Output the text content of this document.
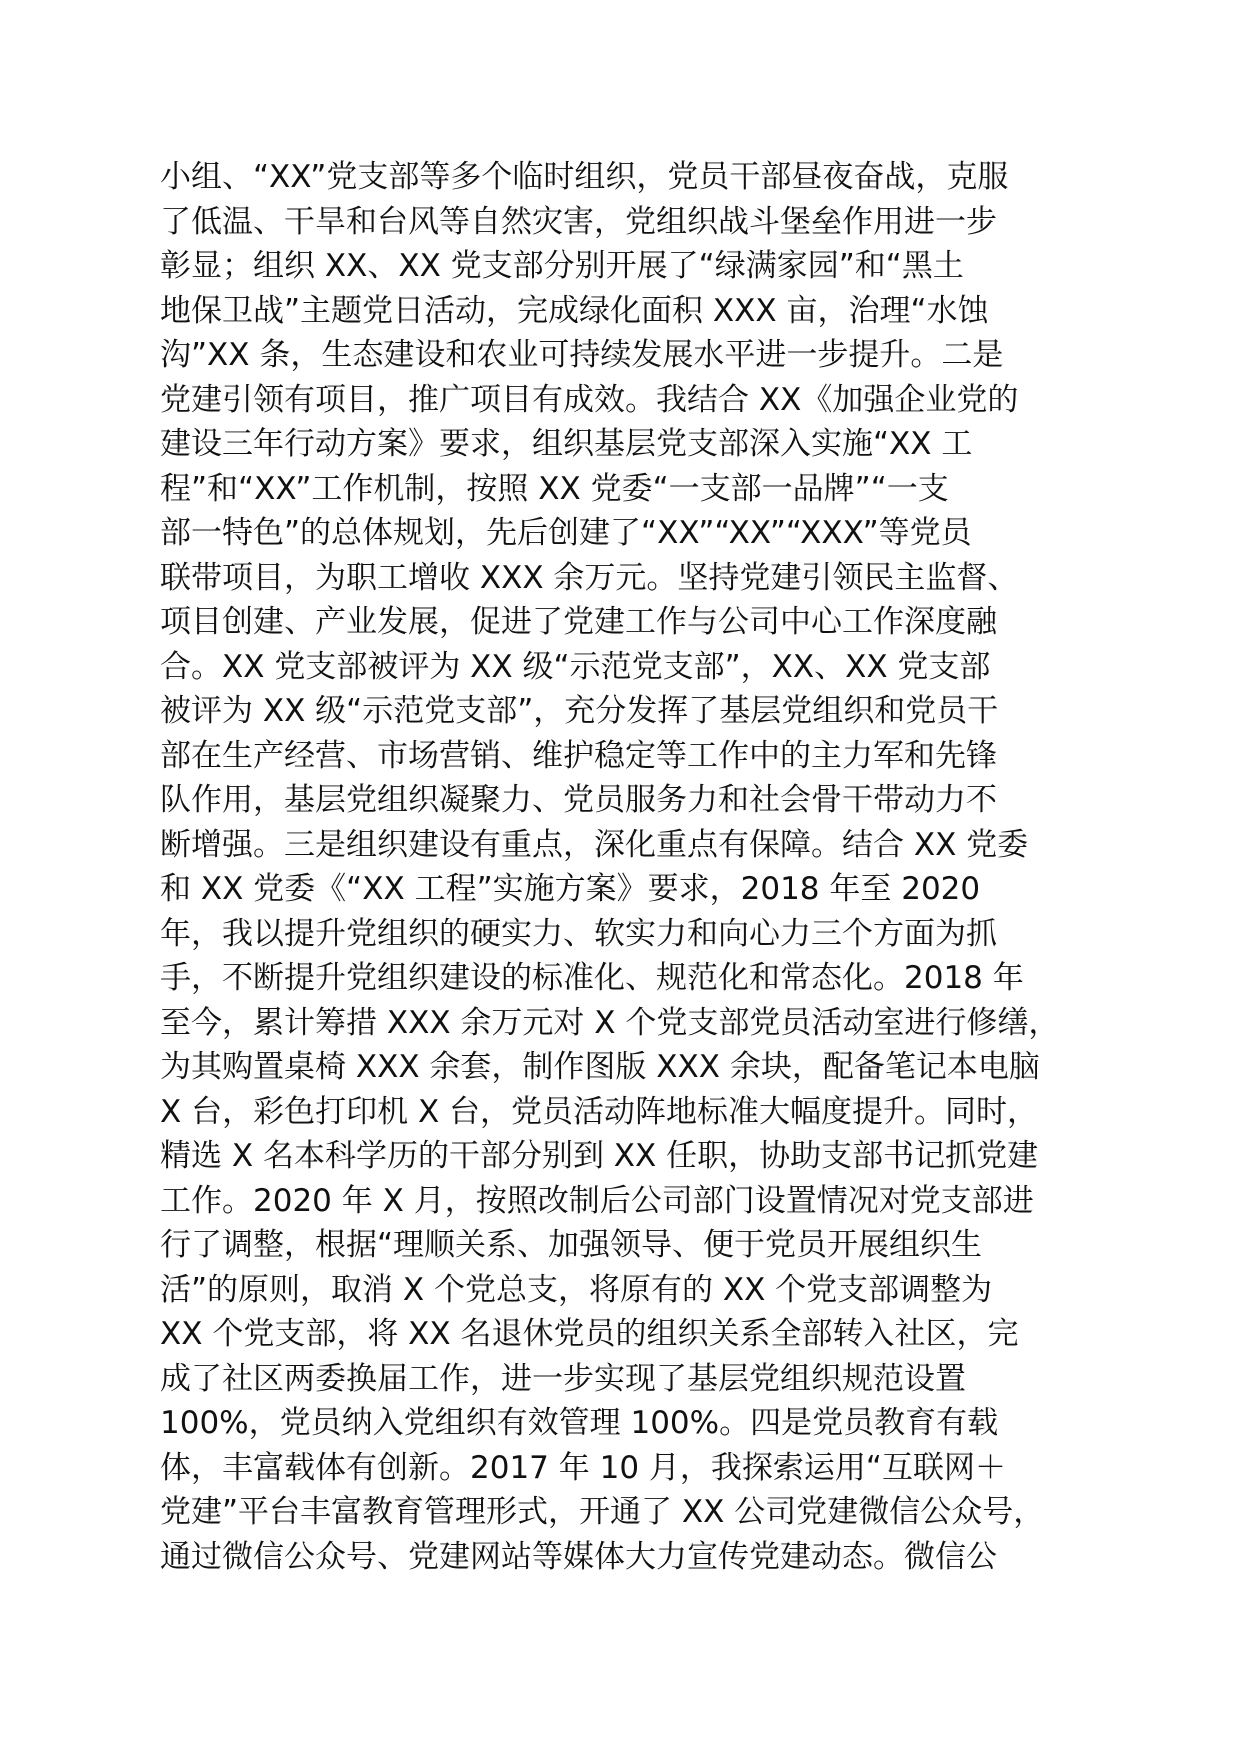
小组、“XX”党支部等多个临时组织，党员干部昼夜奋战，克服
了低温、干旱和台风等自然灾害，党组织战斗堡垒作用进一步
彰显；组织 XX、XX 党支部分别开展了“绿满家园”和“黑土
地保卫战”主题党日活动，完成绿化面积 XXX 亩，治理“水蚀
沟”XX 条，生态建设和农业可持续发展水平进一步提升。二是
党建引领有项目，推广项目有成效。我结合 XX《加强企业党的
建设三年行动方案》要求，组织基层党支部深入实施“XX 工
程”和“XX”工作机制，按照 XX 党委“一支部一品牌”“一支
部一特色”的总体规划，先后创建了“XX”“XX”“XXX”等党员
联带项目，为职工增收 XXX 余万元。坚持党建引领民主监督、
项目创建、产业发展，促进了党建工作与公司中心工作深度融
合。XX 党支部被评为 XX 级“示范党支部”，XX、XX 党支部
被评为 XX 级“示范党支部”，充分发挥了基层党组织和党员干
部在生产经营、市场营销、维护稳定等工作中的主力军和先锋
队作用，基层党组织凝聚力、党员服务力和社会骨干带动力不
断增强。三是组织建设有重点，深化重点有保障。结合 XX 党委
和 XX 党委《“XX 工程”实施方案》要求，2018 年至 2020
年，我以提升党组织的硬实力、软实力和向心力三个方面为抓
手，不断提升党组织建设的标准化、规范化和常态化。2018 年
至今，累计筹措 XXX 余万元对 X 个党支部党员活动室进行修缮，
为其购置桌椅 XXX 余套，制作图版 XXX 余块，配备笔记本电脑
X 台，彩色打印机 X 台，党员活动阵地标准大幅度提升。同时，
精选 X 名本科学历的干部分别到 XX 任职，协助支部书记抓党建
工作。2020 年 X 月，按照改制后公司部门设置情况对党支部进
行了调整，根据“理顺关系、加强领导、便于党员开展组织生
活”的原则，取消 X 个党总支，将原有的 XX 个党支部调整为
XX 个党支部，将 XX 名退休党员的组织关系全部转入社区，完
成了社区两委换届工作，进一步实现了基层党组织规范设置
100%，党员纳入党组织有效管理 100%。四是党员教育有载
体，丰富载体有创新。2017 年 10 月，我探索运用“互联网＋
党建”平台丰富教育管理形式，开通了 XX 公司党建微信公众号，
通过微信公众号、党建网站等媒体大力宣传党建动态。微信公
